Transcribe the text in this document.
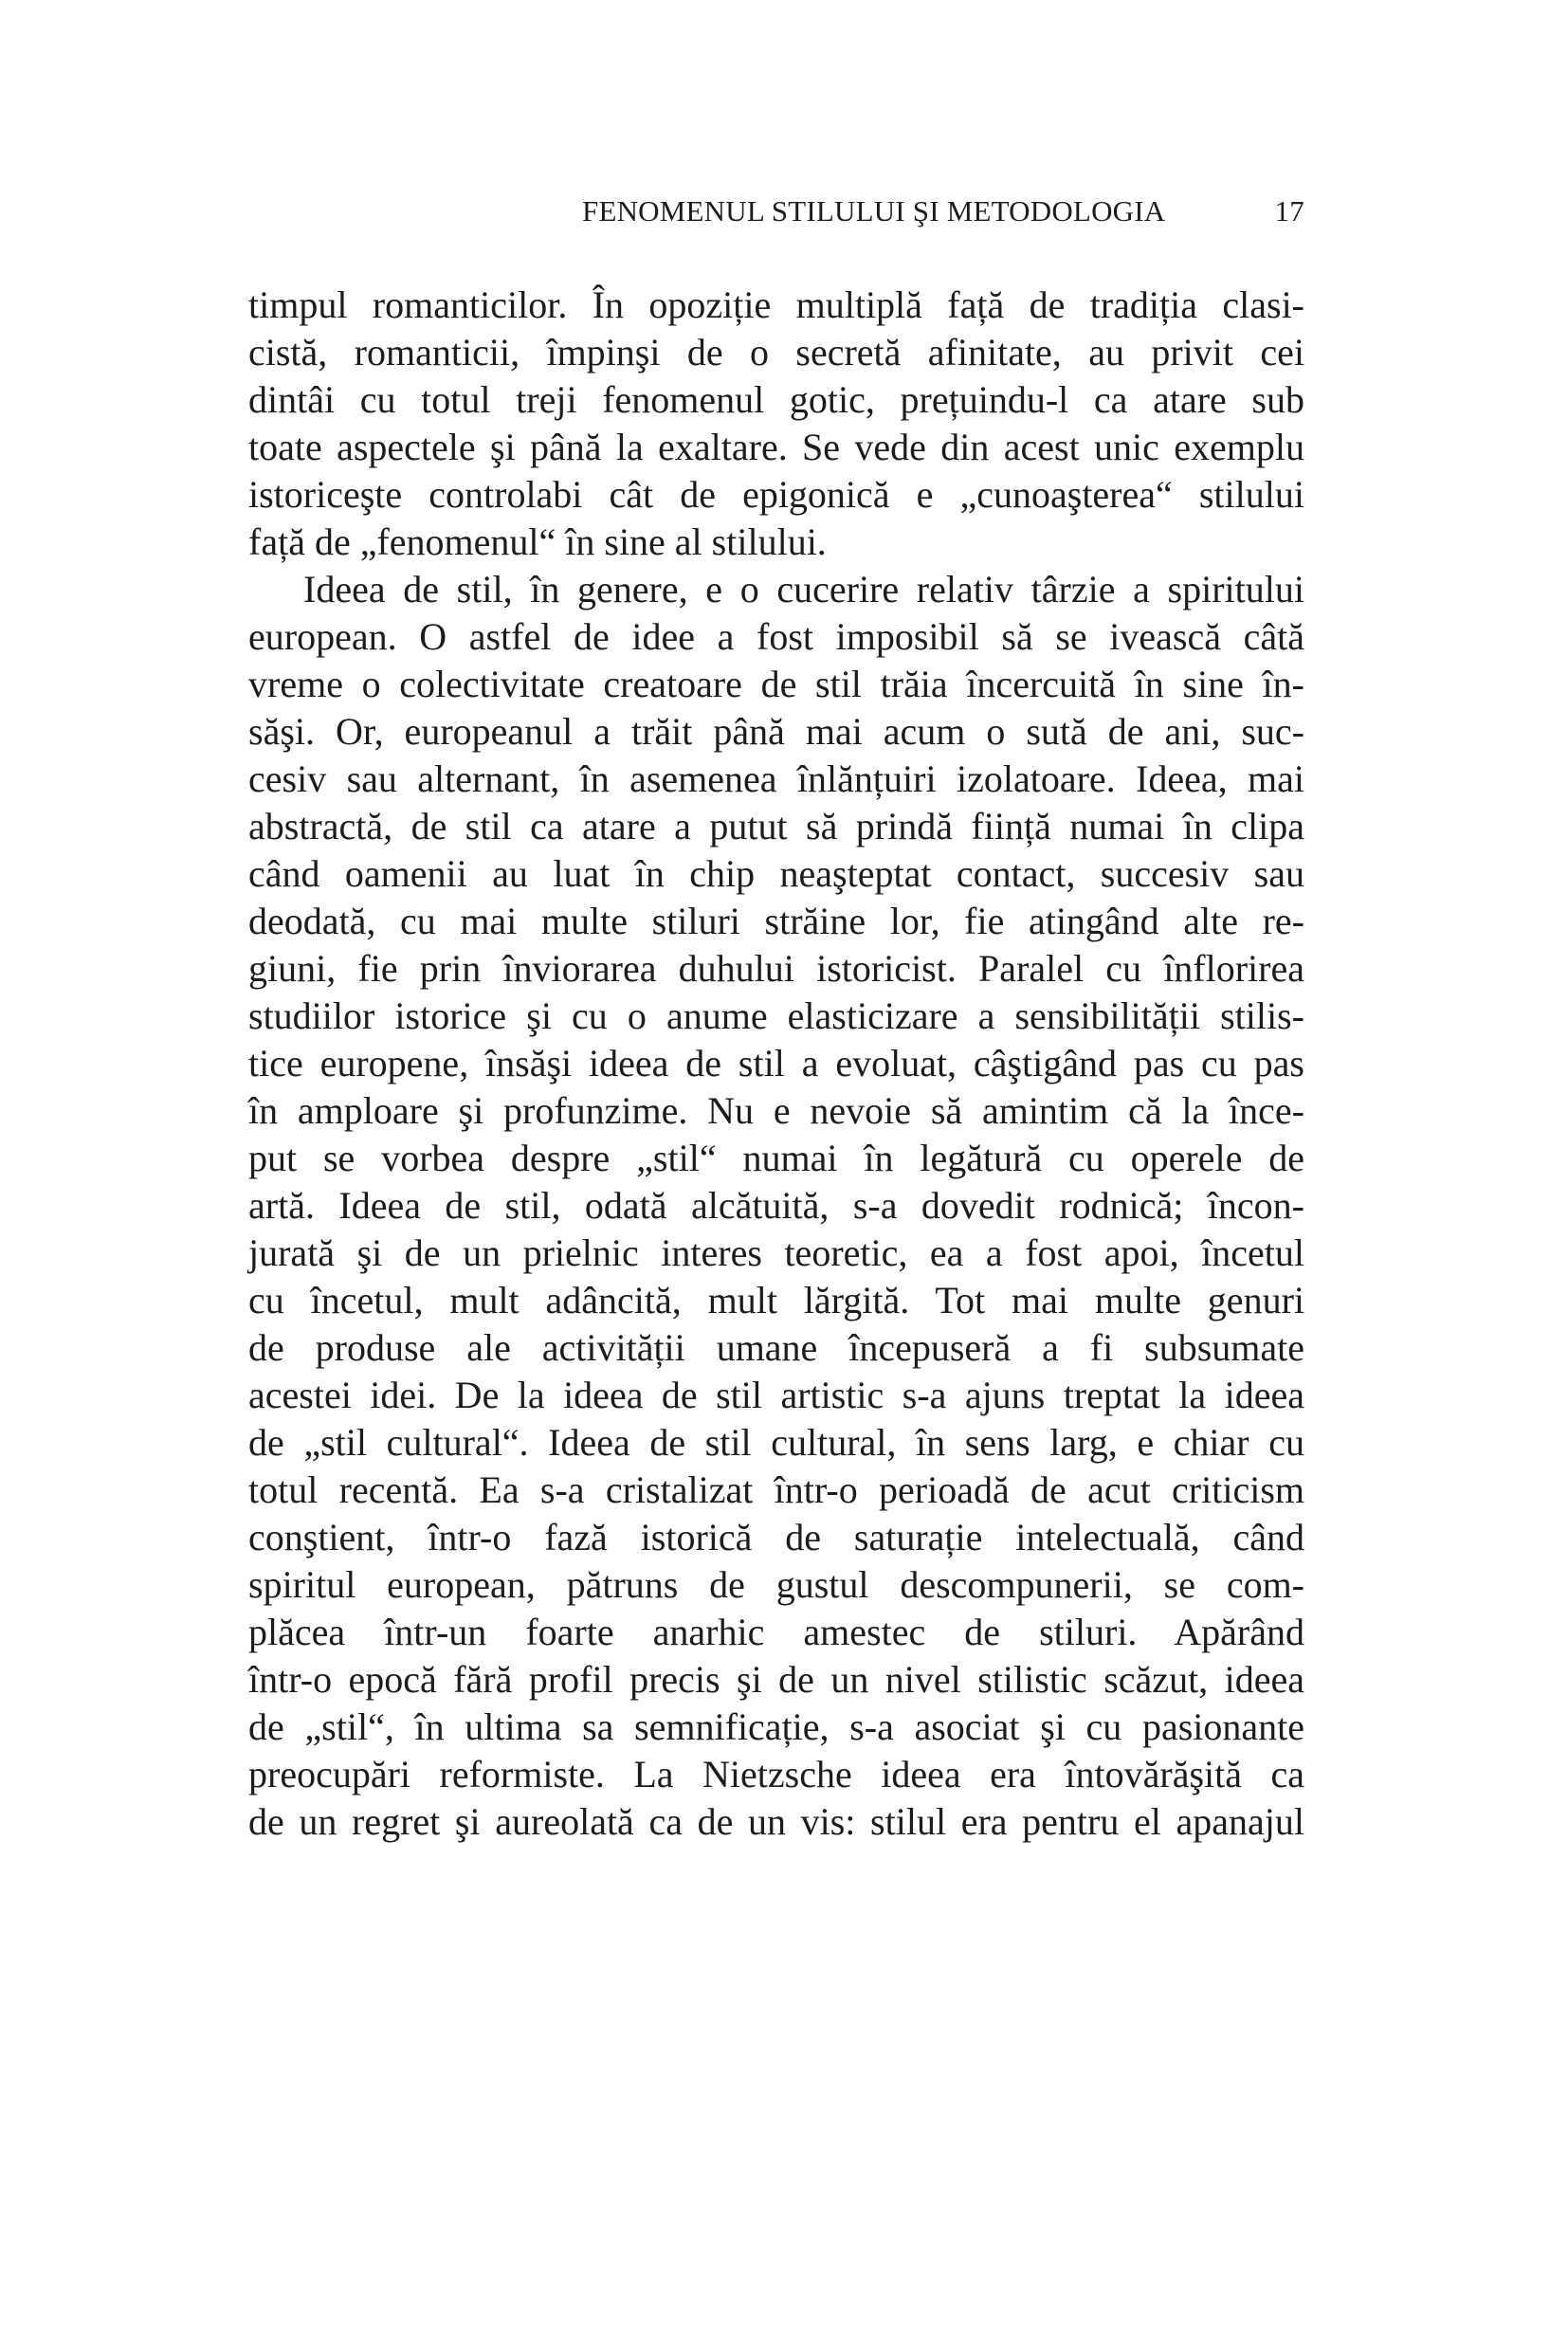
FENOMENUL STILULUI ŞI METODOLOGIA	17
timpul romanticilor. În opoziție multiplă față de tradiția clasi-
cistă, romanticii, împinşi de o secretă afinitate, au privit cei
dintâi cu totul treji fenomenul gotic, prețuindu-l ca atare sub
toate aspectele şi până la exaltare. Se vede din acest unic exemplu
istoriceşte controlabi cât de epigonică e „cunoaşterea“ stilului
față de „fenomenul“ în sine al stilului.
Ideea de stil, în genere, e o cucerire relativ târzie a spiritului
european. O astfel de idee a fost imposibil să se ivească câtă
vreme o colectivitate creatoare de stil trăia încercuită în sine în-
săşi. Or, europeanul a trăit până mai acum o sută de ani, suc-
cesiv sau alternant, în asemenea înlănțuiri izolatoare. Ideea, mai
abstractă, de stil ca atare a putut să prindă ființă numai în clipa
când oamenii au luat în chip neaşteptat contact, succesiv sau
deodată, cu mai multe stiluri străine lor, fie atingând alte re-
giuni, fie prin înviorarea duhului istoricist. Paralel cu înflorirea
studiilor istorice şi cu o anume elasticizare a sensibilității stilis-
tice europene, însăşi ideea de stil a evoluat, câştigând pas cu pas
în amploare şi profunzime. Nu e nevoie să amintim că la înce-
put se vorbea despre „stil“ numai în legătură cu operele de
artă. Ideea de stil, odată alcătuită, s-a dovedit rodnică; încon-
jurată şi de un prielnic interes teoretic, ea a fost apoi, încetul
cu încetul, mult adâncită, mult lărgită. Tot mai multe genuri
de produse ale activității umane începuseră a fi subsumate
acestei idei. De la ideea de stil artistic s-a ajuns treptat la ideea
de „stil cultural“. Ideea de stil cultural, în sens larg, e chiar cu
totul recentă. Ea s-a cristalizat într-o perioadă de acut criticism
conştient, într-o fază istorică de saturație intelectuală, când
spiritul european, pătruns de gustul descompunerii, se com-
plăcea într-un foarte anarhic amestec de stiluri. Apărând
într-o epocă fără profil precis şi de un nivel stilistic scăzut, ideea
de „stil“, în ultima sa semnificație, s-a asociat şi cu pasionante
preocupări reformiste. La Nietzsche ideea era întovărăşită ca
de un regret şi aureolată ca de un vis: stilul era pentru el apanajul
